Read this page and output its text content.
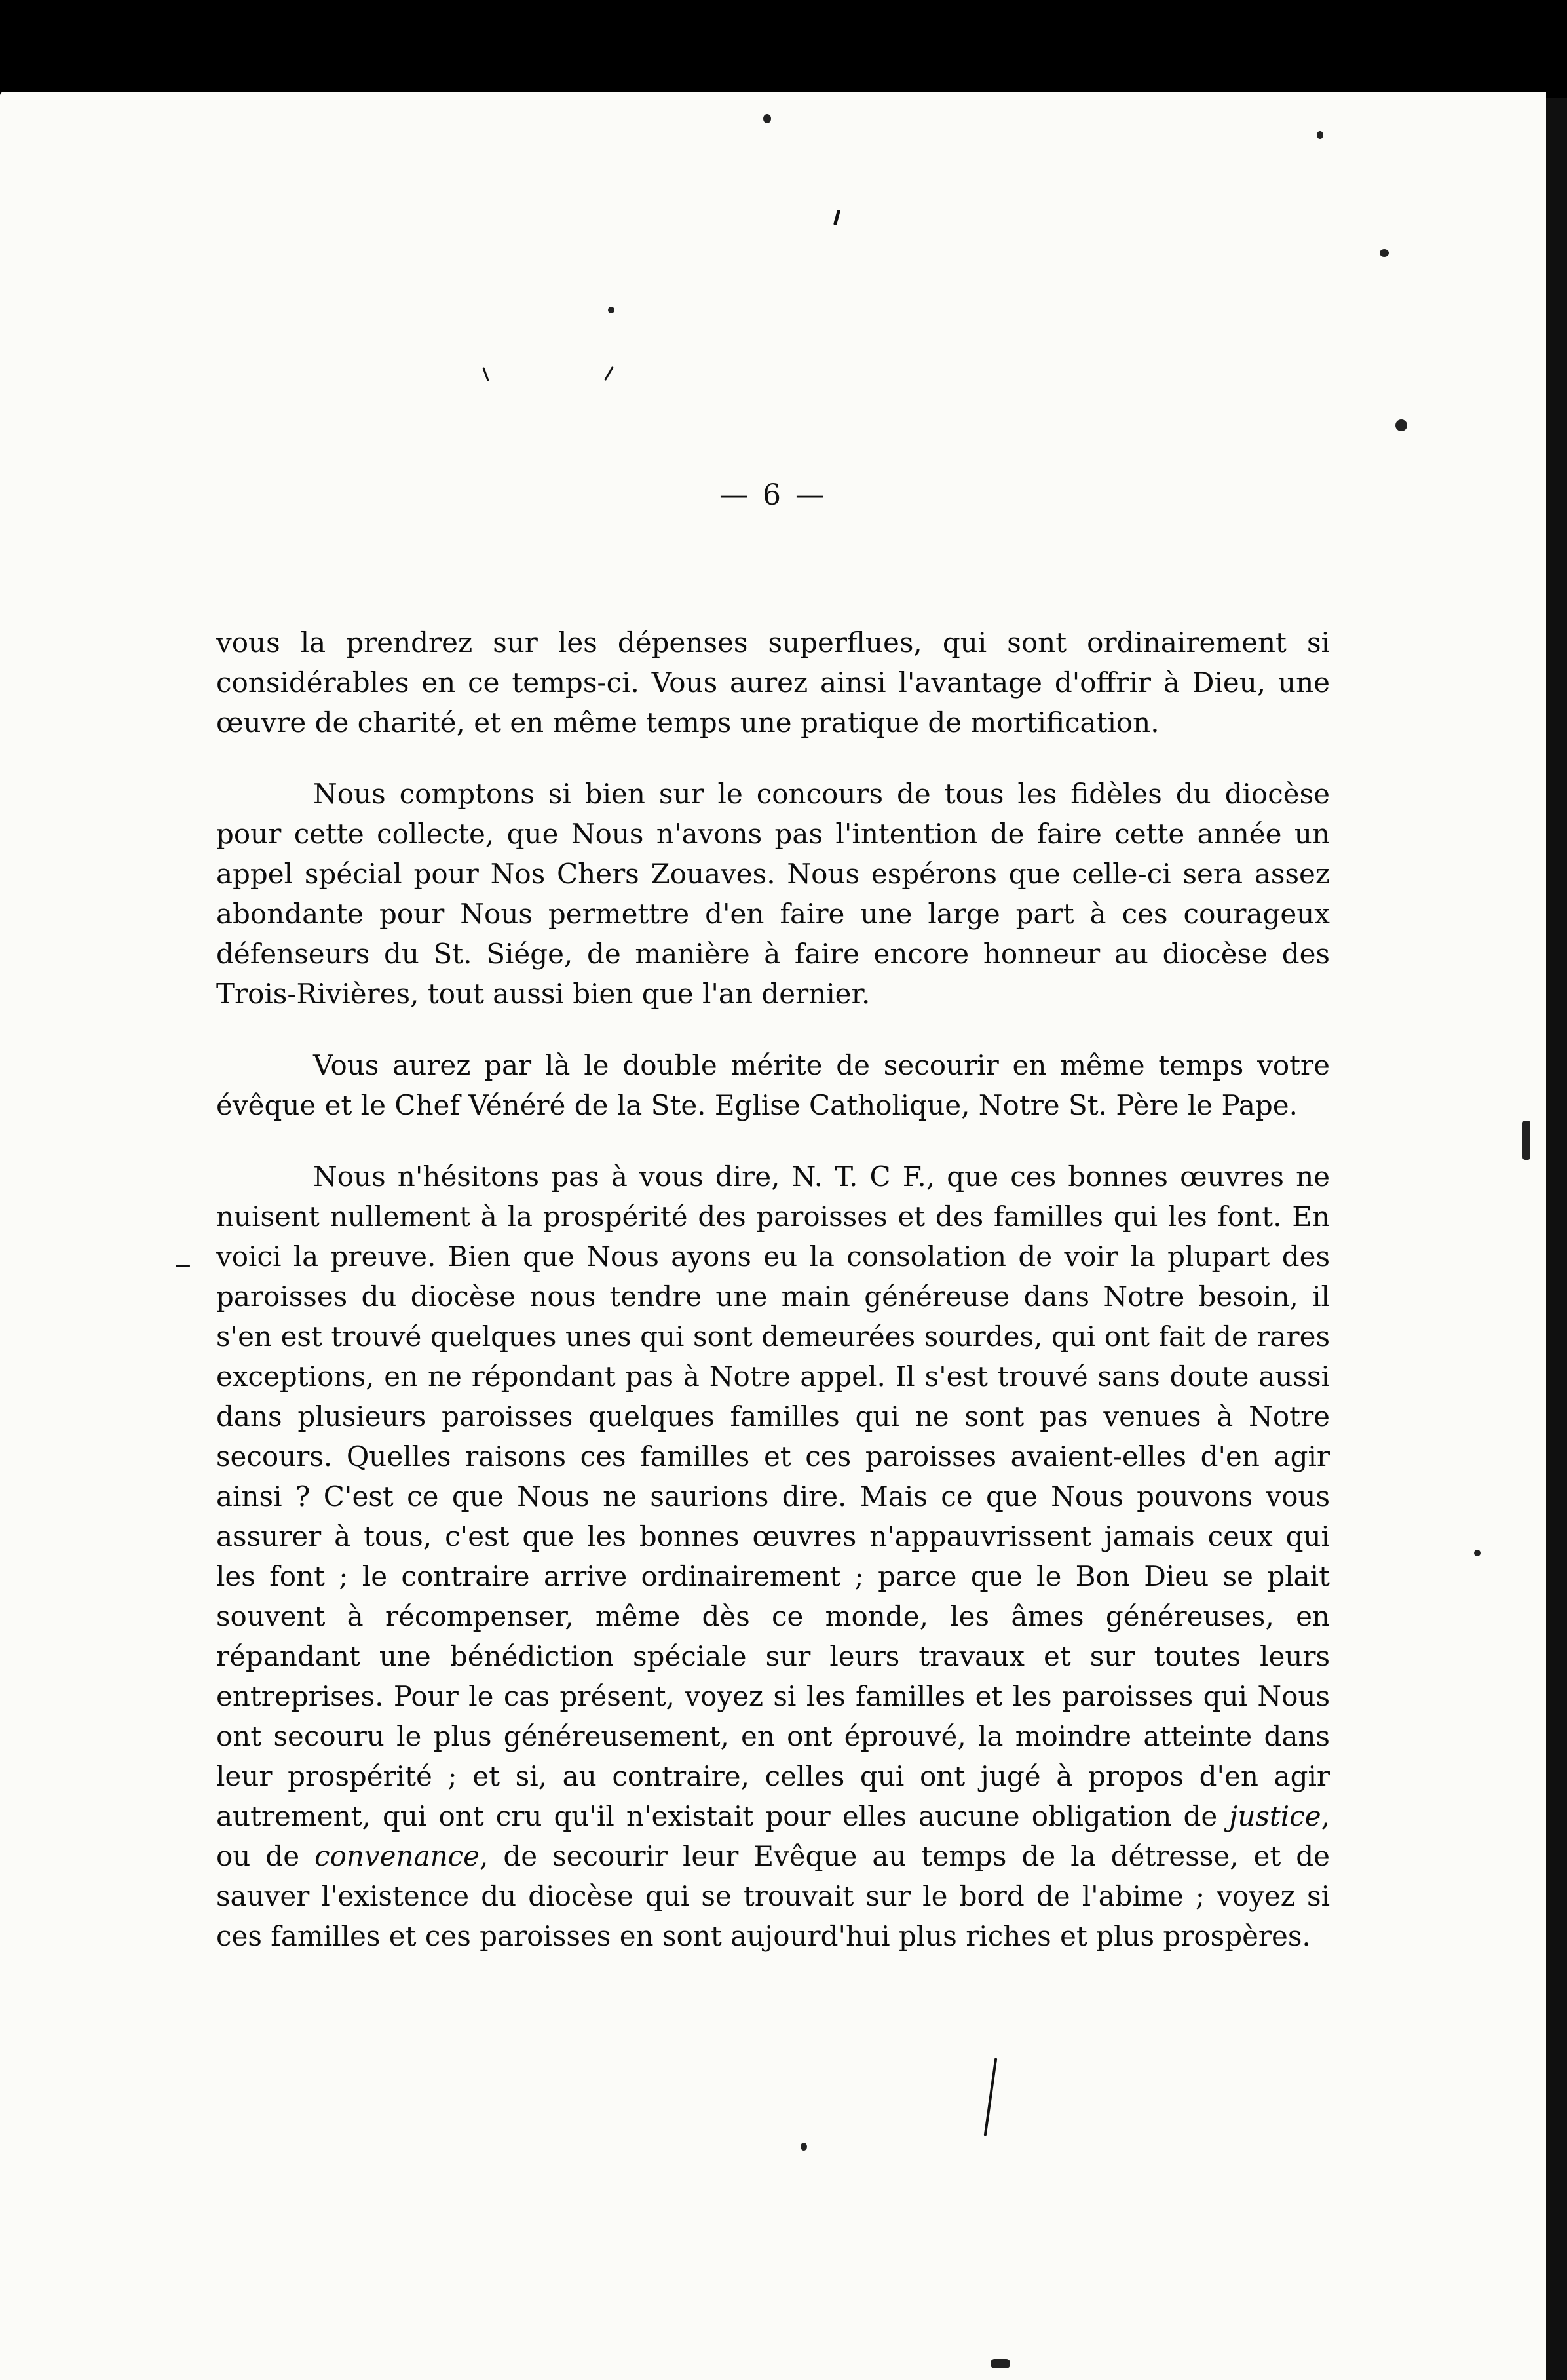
— 6 —

vous la prendrez sur les dépenses superflues, qui sont ordinairement si considérables en ce temps-ci. Vous aurez ainsi l'avantage d'offrir à Dieu, une œuvre de charité, et en même temps une pratique de mortification.

Nous comptons si bien sur le concours de tous les fidèles du diocèse pour cette collecte, que Nous n'avons pas l'intention de faire cette année un appel spécial pour Nos Chers Zouaves. Nous espérons que celle-ci sera assez abondante pour Nous permettre d'en faire une large part à ces courageux défenseurs du St. Siége, de manière à faire encore honneur au diocèse des Trois-Rivières, tout aussi bien que l'an dernier.

Vous aurez par là le double mérite de secourir en même temps votre évêque et le Chef Vénéré de la Ste. Eglise Catholique, Notre St. Père le Pape.

Nous n'hésitons pas à vous dire, N. T. C F., que ces bonnes œuvres ne nuisent nullement à la prospérité des paroisses et des familles qui les font. En voici la preuve. Bien que Nous ayons eu la consolation de voir la plupart des paroisses du diocèse nous tendre une main généreuse dans Notre besoin, il s'en est trouvé quelques unes qui sont demeurées sourdes, qui ont fait de rares exceptions, en ne répondant pas à Notre appel. Il s'est trouvé sans doute aussi dans plusieurs paroisses quelques familles qui ne sont pas venues à Notre secours. Quelles raisons ces familles et ces paroisses avaient-elles d'en agir ainsi ? C'est ce que Nous ne saurions dire. Mais ce que Nous pouvons vous assurer à tous, c'est que les bonnes œuvres n'appauvrissent jamais ceux qui les font ; le contraire arrive ordinairement ; parce que le Bon Dieu se plait souvent à récompenser, même dès ce monde, les âmes généreuses, en répandant une bénédiction spéciale sur leurs travaux et sur toutes leurs entreprises. Pour le cas présent, voyez si les familles et les paroisses qui Nous ont secouru le plus généreusement, en ont éprouvé, la moindre atteinte dans leur prospérité ; et si, au contraire, celles qui ont jugé à propos d'en agir autrement, qui ont cru qu'il n'existait pour elles aucune obligation de justice, ou de convenance, de secourir leur Evêque au temps de la détresse, et de sauver l'existence du diocèse qui se trouvait sur le bord de l'abime ; voyez si ces familles et ces paroisses en sont aujourd'hui plus riches et plus prospères.
